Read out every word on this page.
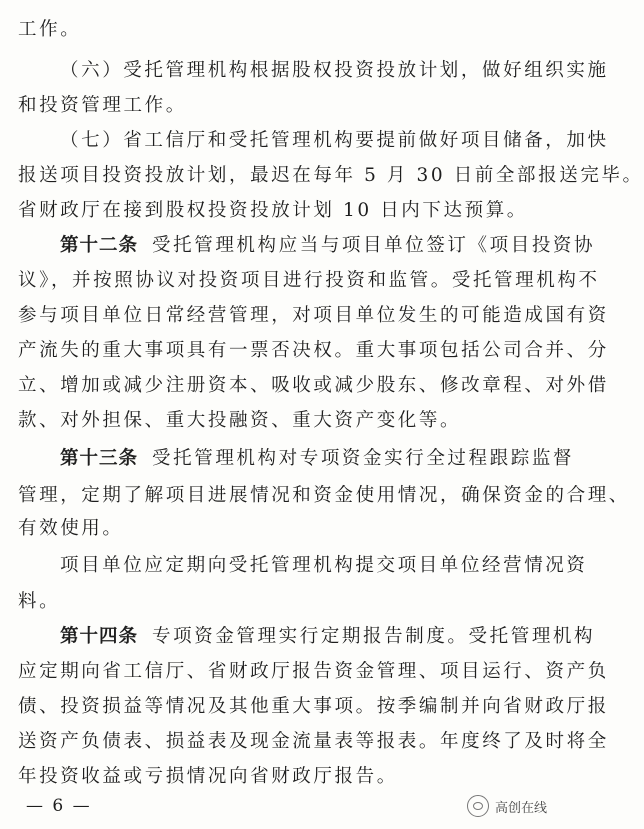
工作。
（六）受托管理机构根据股权投资投放计划，做好组织实施
和投资管理工作。
（七）省工信厅和受托管理机构要提前做好项目储备，加快
报送项目投资投放计划，最迟在每年 5 月 30 日前全部报送完毕。
省财政厅在接到股权投资投放计划 10 日内下达预算。
第十二条 受托管理机构应当与项目单位签订《项目投资协
议》，并按照协议对投资项目进行投资和监管。受托管理机构不
参与项目单位日常经营管理，对项目单位发生的可能造成国有资
产流失的重大事项具有一票否决权。重大事项包括公司合并、分
立、增加或减少注册资本、吸收或减少股东、修改章程、对外借
款、对外担保、重大投融资、重大资产变化等。
第十三条 受托管理机构对专项资金实行全过程跟踪监督
管理，定期了解项目进展情况和资金使用情况，确保资金的合理、
有效使用。
项目单位应定期向受托管理机构提交项目单位经营情况资
料。
第十四条 专项资金管理实行定期报告制度。受托管理机构
应定期向省工信厅、省财政厅报告资金管理、项目运行、资产负
债、投资损益等情况及其他重大事项。按季编制并向省财政厅报
送资产负债表、损益表及现金流量表等报表。年度终了及时将全
年投资收益或亏损情况向省财政厅报告。
— 6 —	高创在线
